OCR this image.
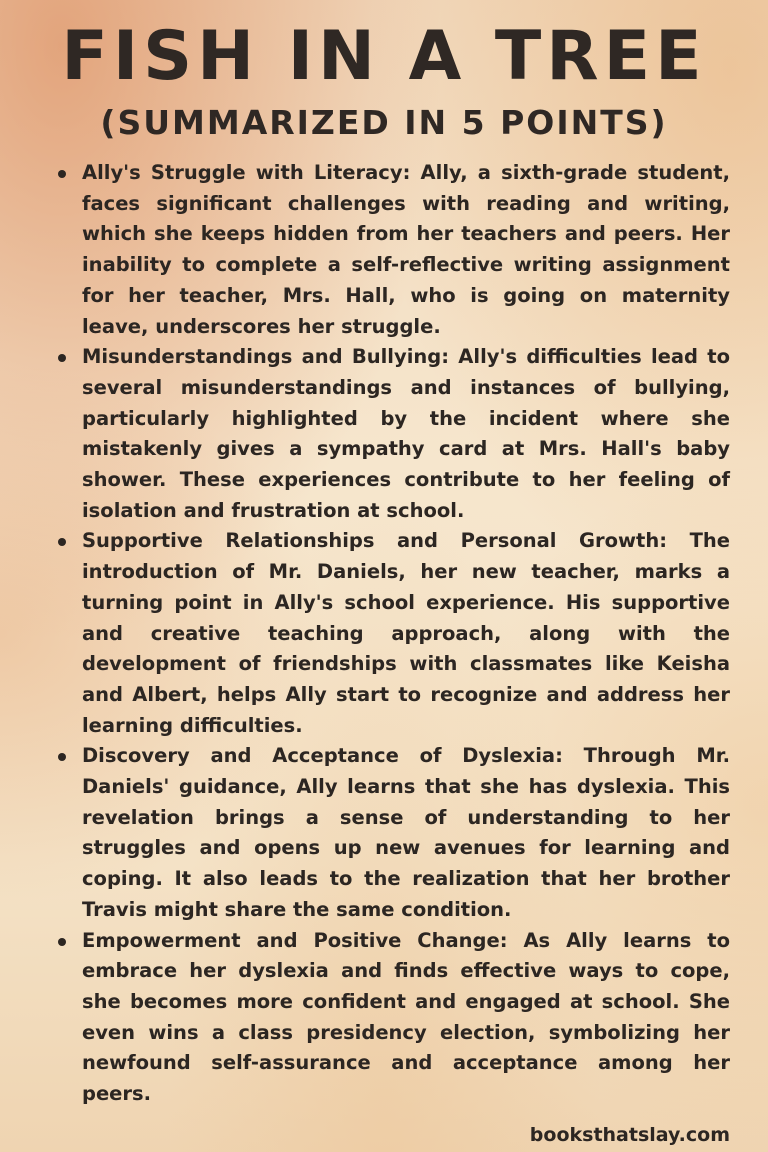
FISH IN A TREE
(SUMMARIZED IN 5 POINTS)
Ally's Struggle with Literacy: Ally, a sixth-grade student, faces significant challenges with reading and writing, which she keeps hidden from her teachers and peers. Her inability to complete a self-reflective writing assignment for her teacher, Mrs. Hall, who is going on maternity leave, underscores her struggle.
Misunderstandings and Bullying: Ally's difficulties lead to several misunderstandings and instances of bullying, particularly highlighted by the incident where she mistakenly gives a sympathy card at Mrs. Hall's baby shower. These experiences contribute to her feeling of isolation and frustration at school.
Supportive Relationships and Personal Growth: The introduction of Mr. Daniels, her new teacher, marks a turning point in Ally's school experience. His supportive and creative teaching approach, along with the development of friendships with classmates like Keisha and Albert, helps Ally start to recognize and address her learning difficulties.
Discovery and Acceptance of Dyslexia: Through Mr. Daniels' guidance, Ally learns that she has dyslexia. This revelation brings a sense of understanding to her struggles and opens up new avenues for learning and coping. It also leads to the realization that her brother Travis might share the same condition.
Empowerment and Positive Change: As Ally learns to embrace her dyslexia and finds effective ways to cope, she becomes more confident and engaged at school. She even wins a class presidency election, symbolizing her newfound self-assurance and acceptance among her peers.
booksthatslay.com
